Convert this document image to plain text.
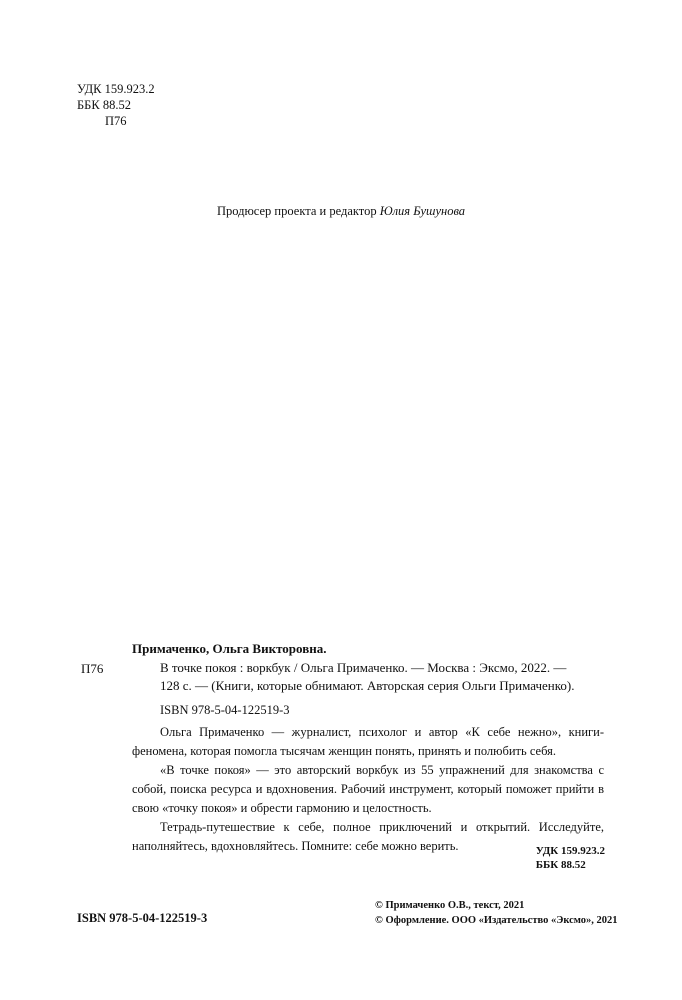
УДК 159.923.2
ББК 88.52
П76
Продюсер проекта и редактор Юлия Бушунова
Примаченко, Ольга Викторовна.
П76	В точке покоя : воркбук / Ольга Примаченко. — Москва : Эксмо, 2022. —
128 с. — (Книги, которые обнимают. Авторская серия Ольги Примаченко).
ISBN 978-5-04-122519-3

Ольга Примаченко — журналист, психолог и автор «К себе нежно», книги-феномена, которая помогла тысячам женщин понять, принять и полюбить себя.

«В точке покоя» — это авторский воркбук из 55 упражнений для знакомства с собой, поиска ресурса и вдохновения. Рабочий инструмент, который поможет прийти в свою «точку покоя» и обрести гармонию и целостность.

Тетрадь-путешествие к себе, полное приключений и открытий. Исследуйте, наполняйтесь, вдохновляйтесь. Помните: себе можно верить.	УДК 159.923.2
ББК 88.52
ISBN 978-5-04-122519-3
© Примаченко О.В., текст, 2021
© Оформление. ООО «Издательство «Эксмо», 2021
